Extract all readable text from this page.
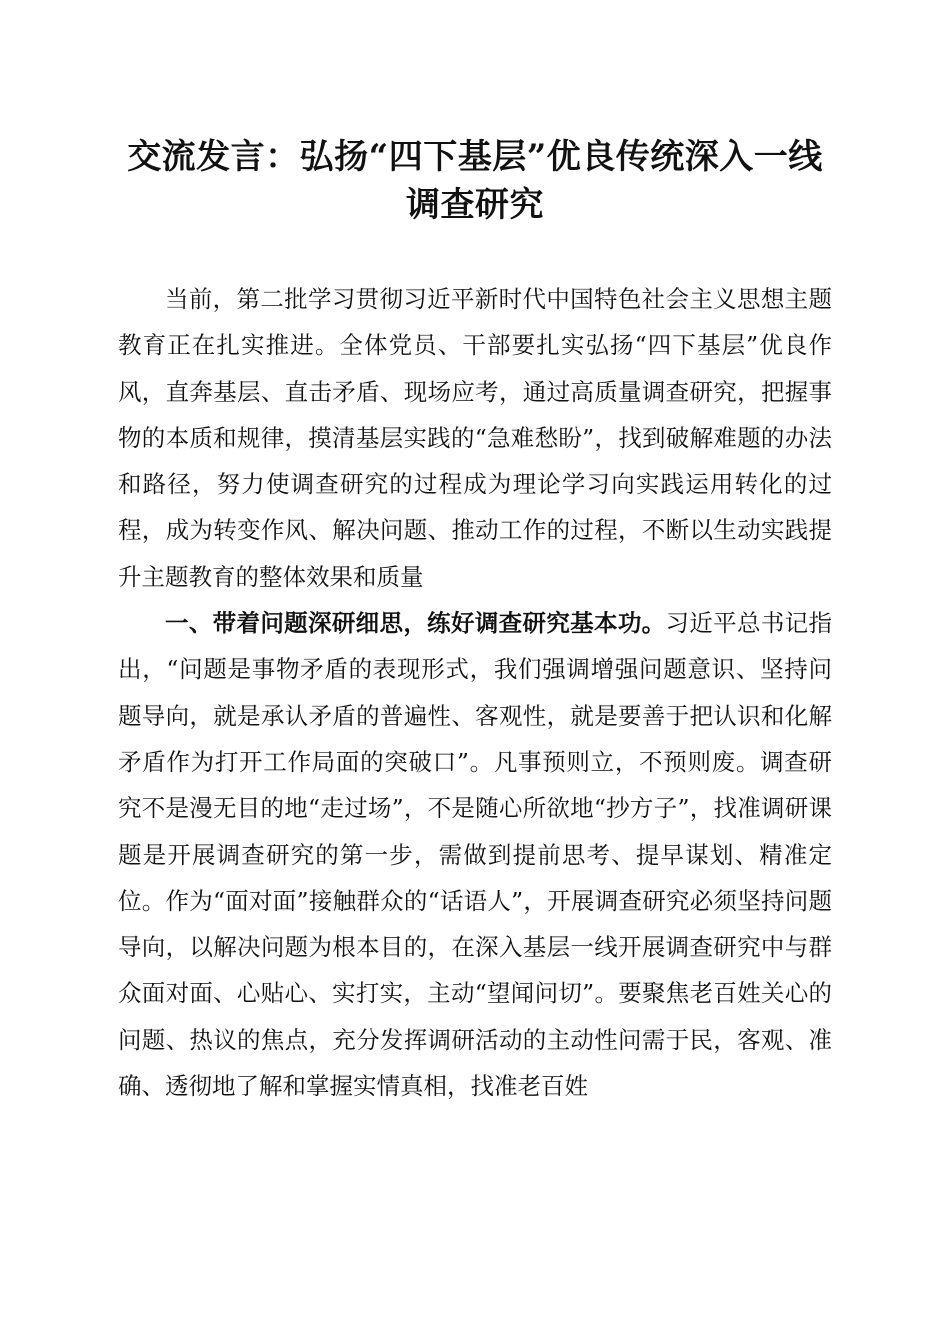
交流发言：弘扬“四下基层”优良传统深入一线调查研究

当前，第二批学习贯彻习近平新时代中国特色社会主义思想主题教育正在扎实推进。全体党员、干部要扎实弘扬“四下基层”优良作风，直奔基层、直击矛盾、现场应考，通过高质量调查研究，把握事物的本质和规律，摸清基层实践的“急难愁盼”，找到破解难题的办法和路径，努力使调查研究的过程成为理论学习向实践运用转化的过程，成为转变作风、解决问题、推动工作的过程，不断以生动实践提升主题教育的整体效果和质量

一、带着问题深研细思，练好调查研究基本功。习近平总书记指出，“问题是事物矛盾的表现形式，我们强调增强问题意识、坚持问题导向，就是承认矛盾的普遍性、客观性，就是要善于把认识和化解矛盾作为打开工作局面的突破口”。凡事预则立，不预则废。调查研究不是漫无目的地“走过场”，不是随心所欲地“抄方子”，找准调研课题是开展调查研究的第一步，需做到提前思考、提早谋划、精准定位。作为“面对面”接触群众的“话语人”，开展调查研究必须坚持问题导向，以解决问题为根本目的，在深入基层一线开展调查研究中与群众面对面、心贴心、实打实，主动“望闻问切”。要聚焦老百姓关心的问题、热议的焦点，充分发挥调研活动的主动性问需于民，客观、准确、透彻地了解和掌握实情真相，找准老百姓
